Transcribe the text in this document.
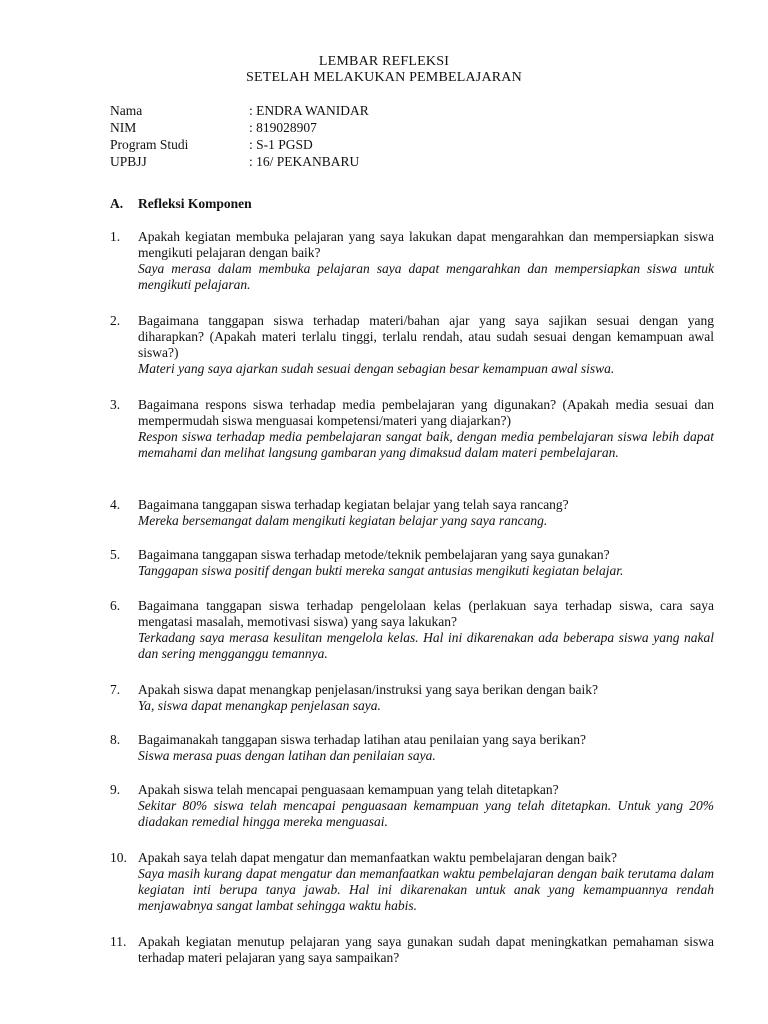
LEMBAR REFLEKSI
SETELAH MELAKUKAN PEMBELAJARAN
Nama	: ENDRA WANIDAR
NIM	: 819028907
Program Studi	: S-1 PGSD
UPBJJ	: 16/ PEKANBARU
A.	Refleksi Komponen
1.	Apakah kegiatan membuka pelajaran yang saya lakukan dapat mengarahkan dan mempersiapkan siswa mengikuti pelajaran dengan baik?
Saya merasa dalam membuka pelajaran saya dapat mengarahkan dan mempersiapkan siswa untuk mengikuti pelajaran.
2.	Bagaimana tanggapan siswa terhadap materi/bahan ajar yang saya sajikan sesuai dengan yang diharapkan? (Apakah materi terlalu tinggi, terlalu rendah, atau sudah sesuai dengan kemampuan awal siswa?)
Materi yang saya ajarkan sudah sesuai dengan sebagian besar kemampuan awal siswa.
3.	Bagaimana respons siswa terhadap media pembelajaran yang digunakan? (Apakah media sesuai dan mempermudah siswa menguasai kompetensi/materi yang diajarkan?)
Respon siswa terhadap media pembelajaran sangat baik, dengan media pembelajaran siswa lebih dapat memahami dan melihat langsung gambaran yang dimaksud dalam materi pembelajaran.
4.	Bagaimana tanggapan siswa terhadap kegiatan belajar yang telah saya rancang?
Mereka bersemangat dalam mengikuti kegiatan belajar yang saya rancang.
5.	Bagaimana tanggapan siswa terhadap metode/teknik pembelajaran yang saya gunakan?
Tanggapan siswa positif dengan bukti mereka sangat antusias mengikuti kegiatan belajar.
6.	Bagaimana tanggapan siswa terhadap pengelolaan kelas (perlakuan saya terhadap siswa, cara saya mengatasi masalah, memotivasi siswa) yang saya lakukan?
Terkadang saya merasa kesulitan mengelola kelas. Hal ini dikarenakan ada beberapa siswa yang nakal dan sering mengganggu temannya.
7.	Apakah siswa dapat menangkap penjelasan/instruksi yang saya berikan dengan baik?
Ya, siswa dapat menangkap penjelasan saya.
8.	Bagaimanakah tanggapan siswa terhadap latihan atau penilaian yang saya berikan?
Siswa merasa puas dengan latihan dan penilaian saya.
9.	Apakah siswa telah mencapai penguasaan kemampuan yang telah ditetapkan?
Sekitar 80% siswa telah mencapai penguasaan kemampuan yang telah ditetapkan. Untuk yang 20% diadakan remedial hingga mereka menguasai.
10. Apakah saya telah dapat mengatur dan memanfaatkan waktu pembelajaran dengan baik?
Saya masih kurang dapat mengatur dan memanfaatkan waktu pembelajaran dengan baik terutama dalam kegiatan inti berupa tanya jawab. Hal ini dikarenakan untuk anak yang kemampuannya rendah menjawabnya sangat lambat sehingga waktu habis.
11. Apakah kegiatan menutup pelajaran yang saya gunakan sudah dapat meningkatkan pemahaman siswa terhadap materi pelajaran yang saya sampaikan?
